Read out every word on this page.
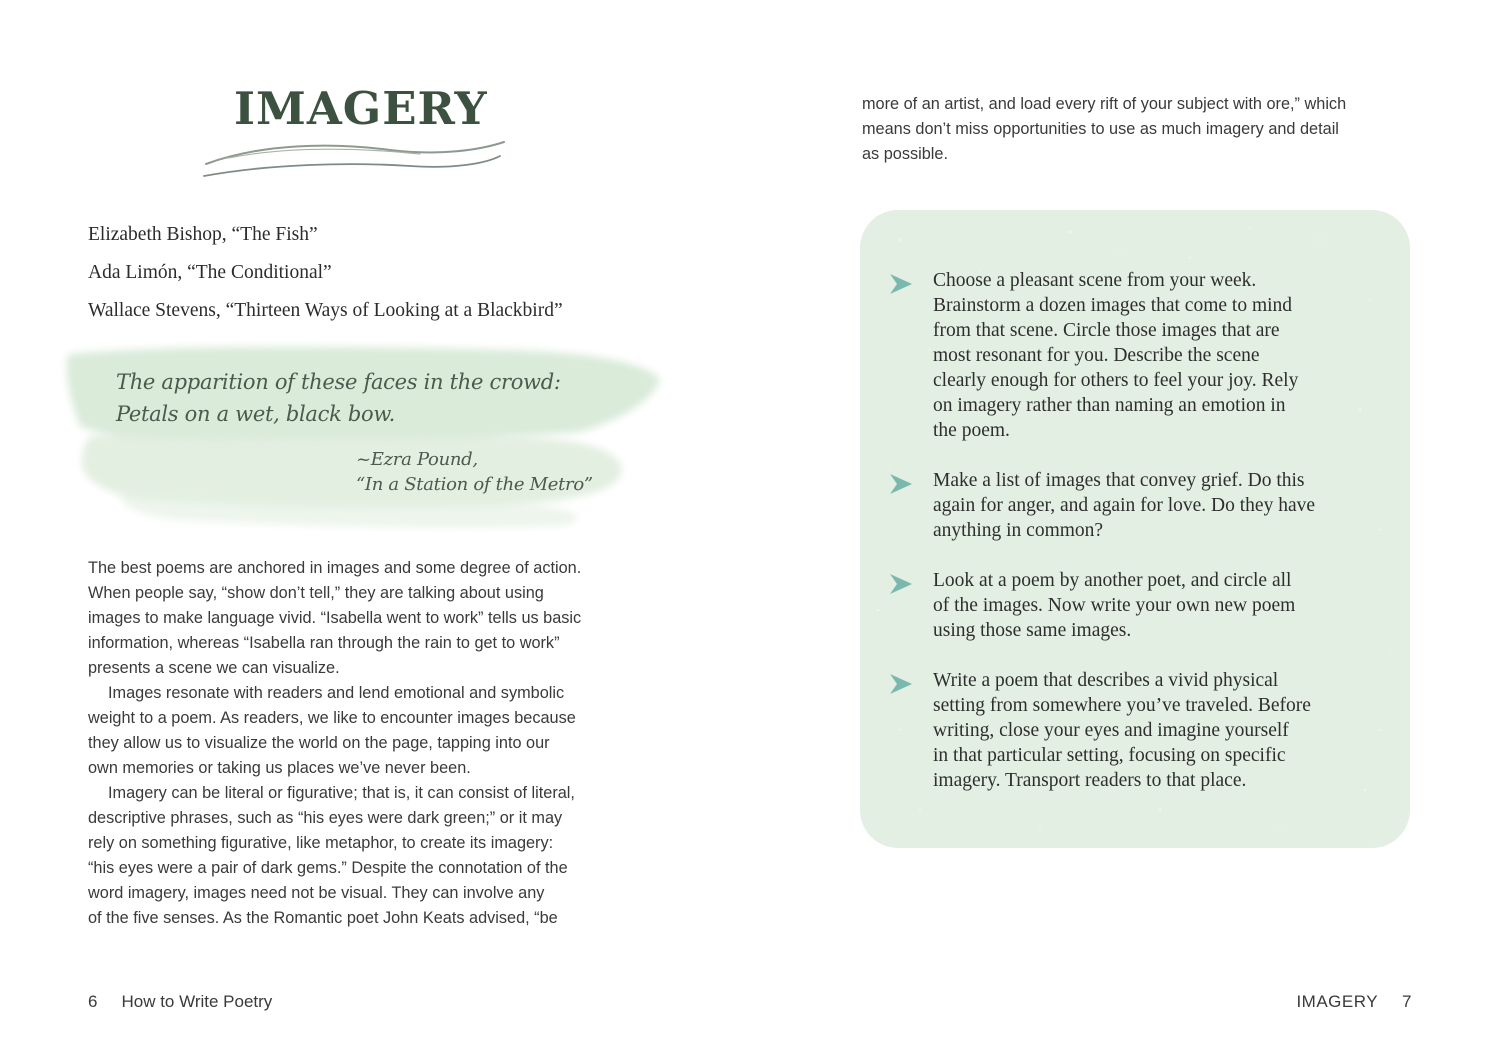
IMAGERY
Elizabeth Bishop, “The Fish”
Ada Limón, “The Conditional”
Wallace Stevens, “Thirteen Ways of Looking at a Blackbird”
The apparition of these faces in the crowd:
Petals on a wet, black bow.
~Ezra Pound,
“In a Station of the Metro”
The best poems are anchored in images and some degree of action.
When people say, “show don’t tell,” they are talking about using
images to make language vivid. “Isabella went to work” tells us basic
information, whereas “Isabella ran through the rain to get to work”
presents a scene we can visualize.
Images resonate with readers and lend emotional and symbolic
weight to a poem. As readers, we like to encounter images because
they allow us to visualize the world on the page, tapping into our
own memories or taking us places we’ve never been.
Imagery can be literal or figurative; that is, it can consist of literal,
descriptive phrases, such as “his eyes were dark green;” or it may
rely on something figurative, like metaphor, to create its imagery:
“his eyes were a pair of dark gems.” Despite the connotation of the
word imagery, images need not be visual. They can involve any
of the five senses. As the Romantic poet John Keats advised, “be
more of an artist, and load every rift of your subject with ore,” which
means don’t miss opportunities to use as much imagery and detail
as possible.
Choose a pleasant scene from your week.
Brainstorm a dozen images that come to mind
from that scene. Circle those images that are
most resonant for you. Describe the scene
clearly enough for others to feel your joy. Rely
on imagery rather than naming an emotion in
the poem.
Make a list of images that convey grief. Do this
again for anger, and again for love. Do they have
anything in common?
Look at a poem by another poet, and circle all
of the images. Now write your own new poem
using those same images.
Write a poem that describes a vivid physical
setting from somewhere you’ve traveled. Before
writing, close your eyes and imagine yourself
in that particular setting, focusing on specific
imagery. Transport readers to that place.
6 How to Write Poetry	IMAGERY 7
